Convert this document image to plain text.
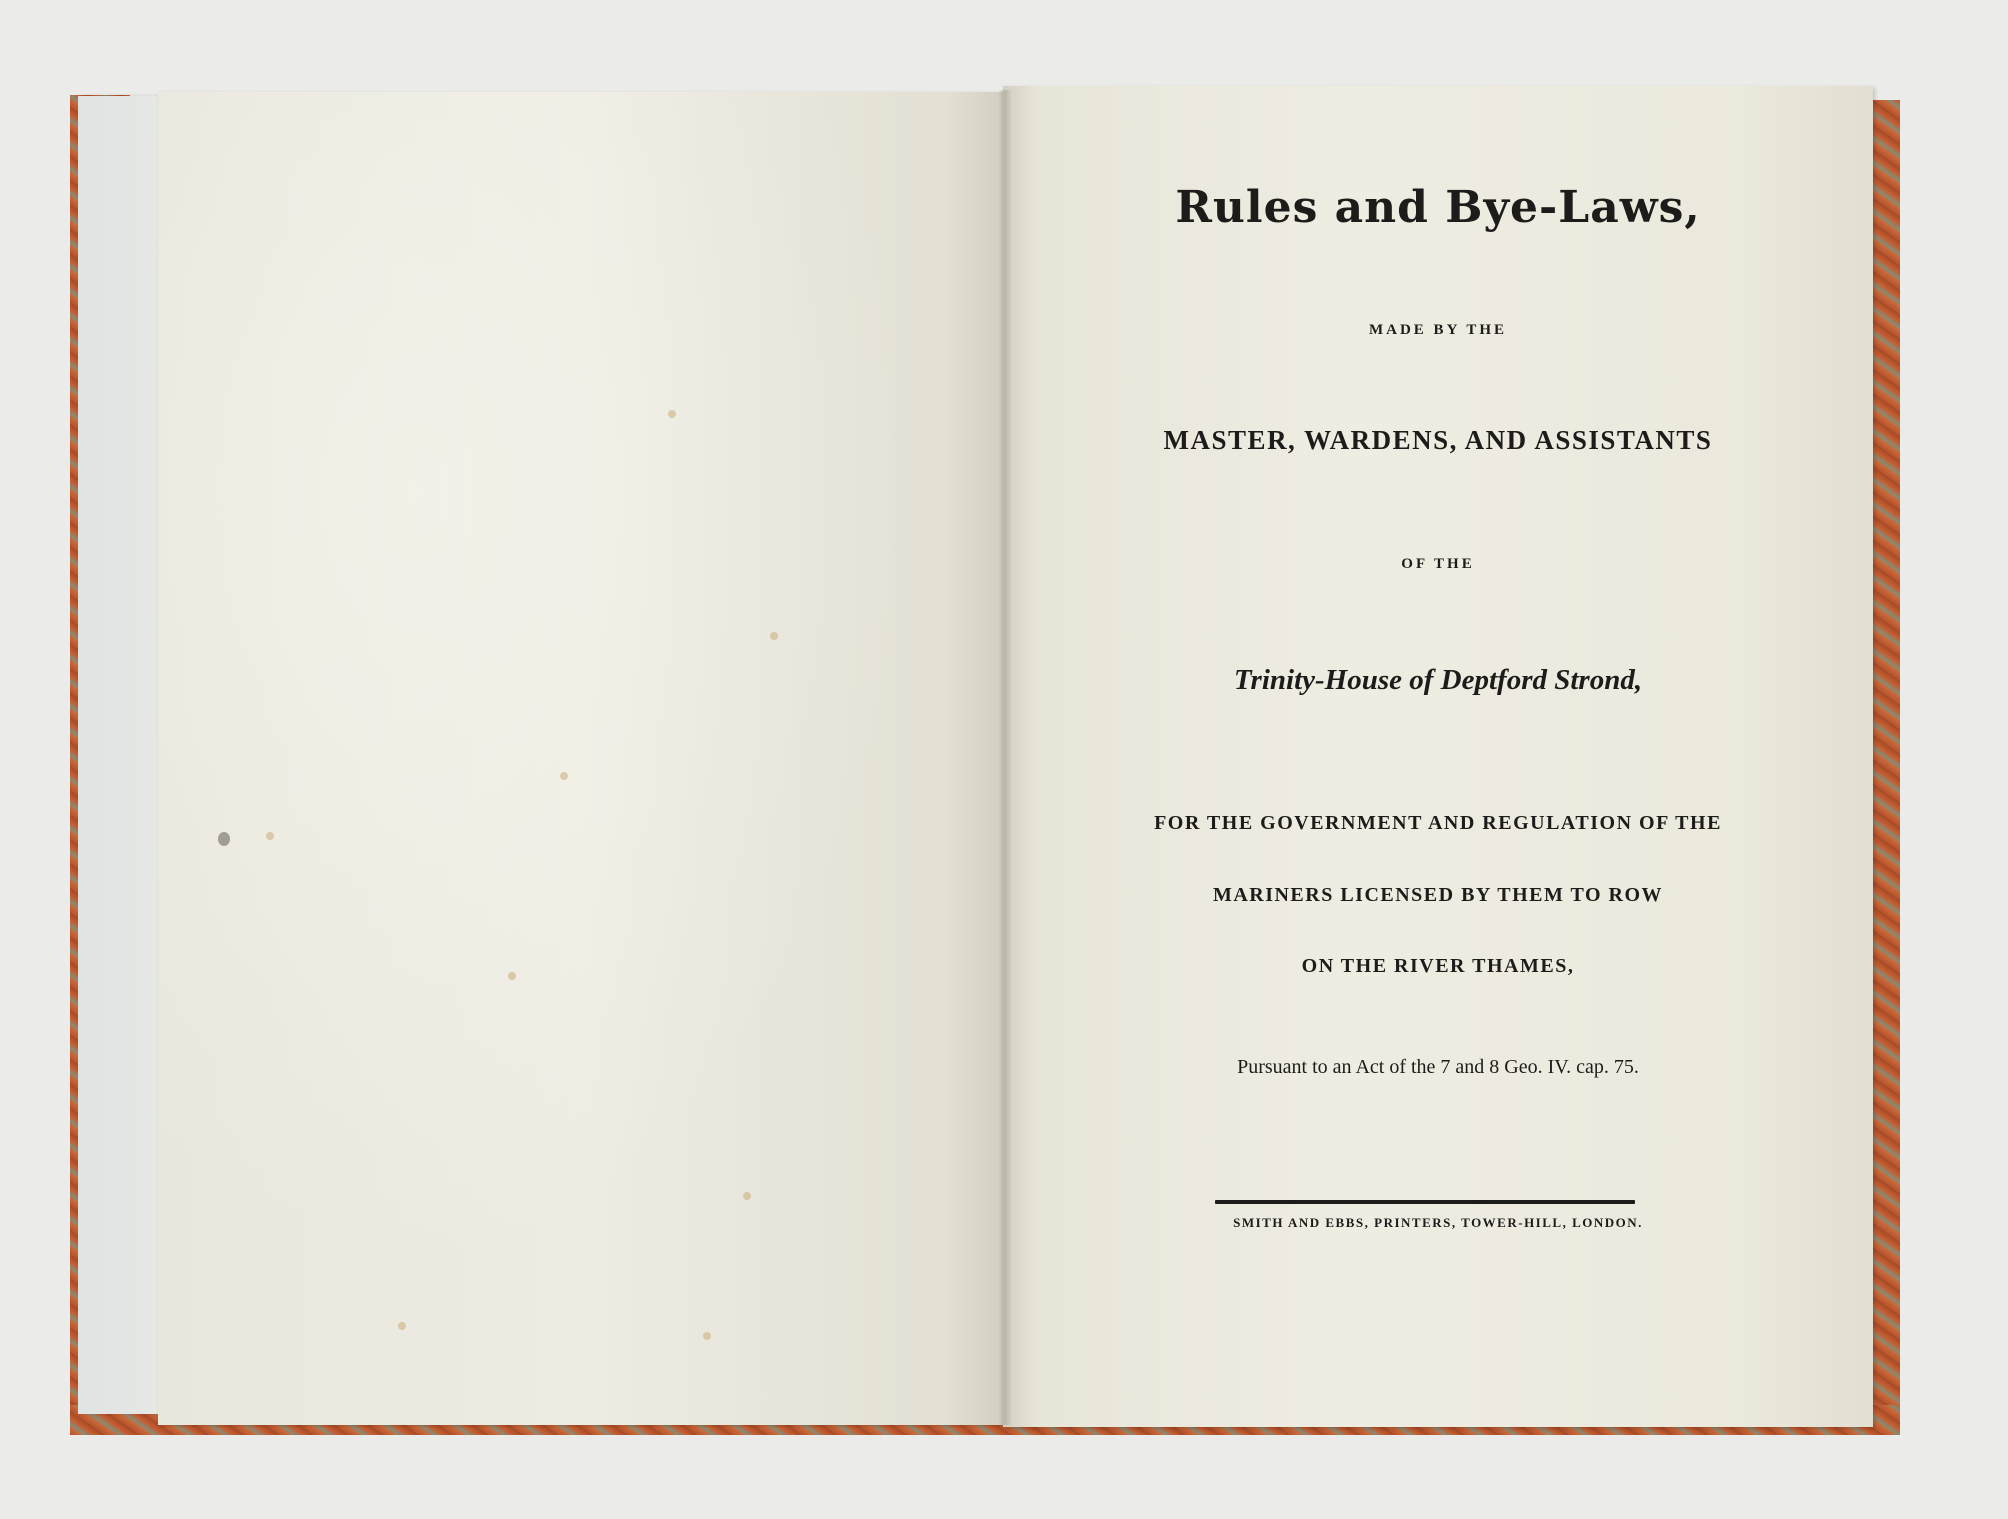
Rules and Bye-Laws,
MADE BY THE
MASTER, WARDENS, AND ASSISTANTS
OF THE
Trinity-House of Deptford Strond,
FOR THE GOVERNMENT AND REGULATION OF THE
MARINERS LICENSED BY THEM TO ROW
ON THE RIVER THAMES,
Pursuant to an Act of the 7 and 8 Geo. IV. cap. 75.
SMITH AND EBBS, PRINTERS, TOWER-HILL, LONDON.
